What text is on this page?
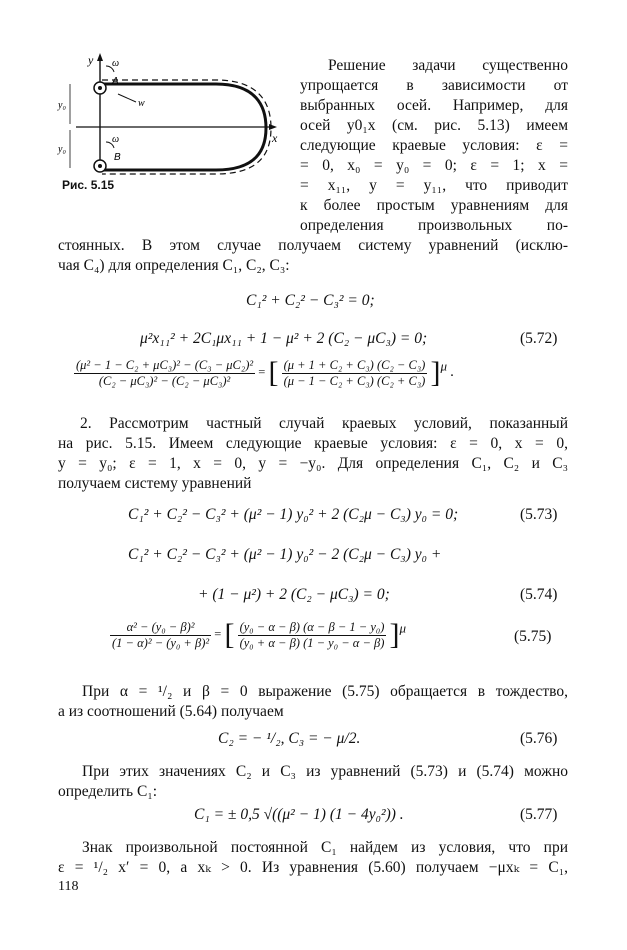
y
x
ω
A
w
ω
B
y₀
y₀
Рис. 5.15
Решение задачи существенно
упрощается в зависимости от
выбранных осей. Например, для
осей y0₁x (см. рис. 5.13) имеем
следующие краевые условия: ε =
= 0, x₀ = y₀ = 0; ε = 1; x =
= x₁₁, y = y₁₁, что приводит
к более простым уравнениям для
определения произвольных по-
стоянных. В этом случае получаем систему уравнений (исклю-
чая C₄) для определения C₁, C₂, C₃:
C₁² + C₂² − C₃² = 0;
μ²x₁₁² + 2C₁μx₁₁ + 1 − μ² + 2 (C₂ − μC₃) = 0;	(5.72)
$\frac{\text{(μ² − 1 − C₂ + μC₃)² − (C₃ − μC₂)²}}{\text{(C₂ − μC₃)² − (C₂ − μC₃)²}}$ = [ $\frac{\text{(μ + 1 + C₂ + C₃) (C₂ − C₃)}}{\text{(μ − 1 − C₂ + C₃) (C₂ + C₃)}} ]^\mu$ .
2. Рассмотрим частный случай краевых условий, показанный
на рис. 5.15. Имеем следующие краевые условия: ε = 0, x = 0,
y = y₀; ε = 1, x = 0, y = −y₀. Для определения C₁, C₂ и C₃
получаем систему уравнений
C₁² + C₂² − C₃² + (μ² − 1) y₀² + 2 (C₂μ − C₃) y₀ = 0;	(5.73)
C₁² + C₂² − C₃² + (μ² − 1) y₀² − 2 (C₂μ − C₃) y₀ +
+ (1 − μ²) + 2 (C₂ − μC₃) = 0;	(5.74)
$\frac{\text{α² − (y₀ − β)²}}{\text{(1 − α)² − (y₀ + β)²}}$ = [ $\frac{\text{(y₀ − α − β) (α − β − 1 − y₀)}}{\text{(y₀ + α − β) (1 − y₀ − α − β)}} ]^\mu$	(5.75)
При α = ¹/₂ и β = 0 выражение (5.75) обращается в тождество,
а из соотношений (5.64) получаем
C₂ = − ¹/₂, C₃ = − μ/2.	(5.76)
При этих значениях C₂ и C₃ из уравнений (5.73) и (5.74) можно
определить C₁:
C₁ = ± 0,5 √((μ² − 1) (1 − 4y₀²)) .	(5.77)
Знак произвольной постоянной C₁ найдем из условия, что при
ε = ¹/₂ x′ = 0, а xₖ > 0. Из уравнения (5.60) получаем −μxₖ = C₁,
118
